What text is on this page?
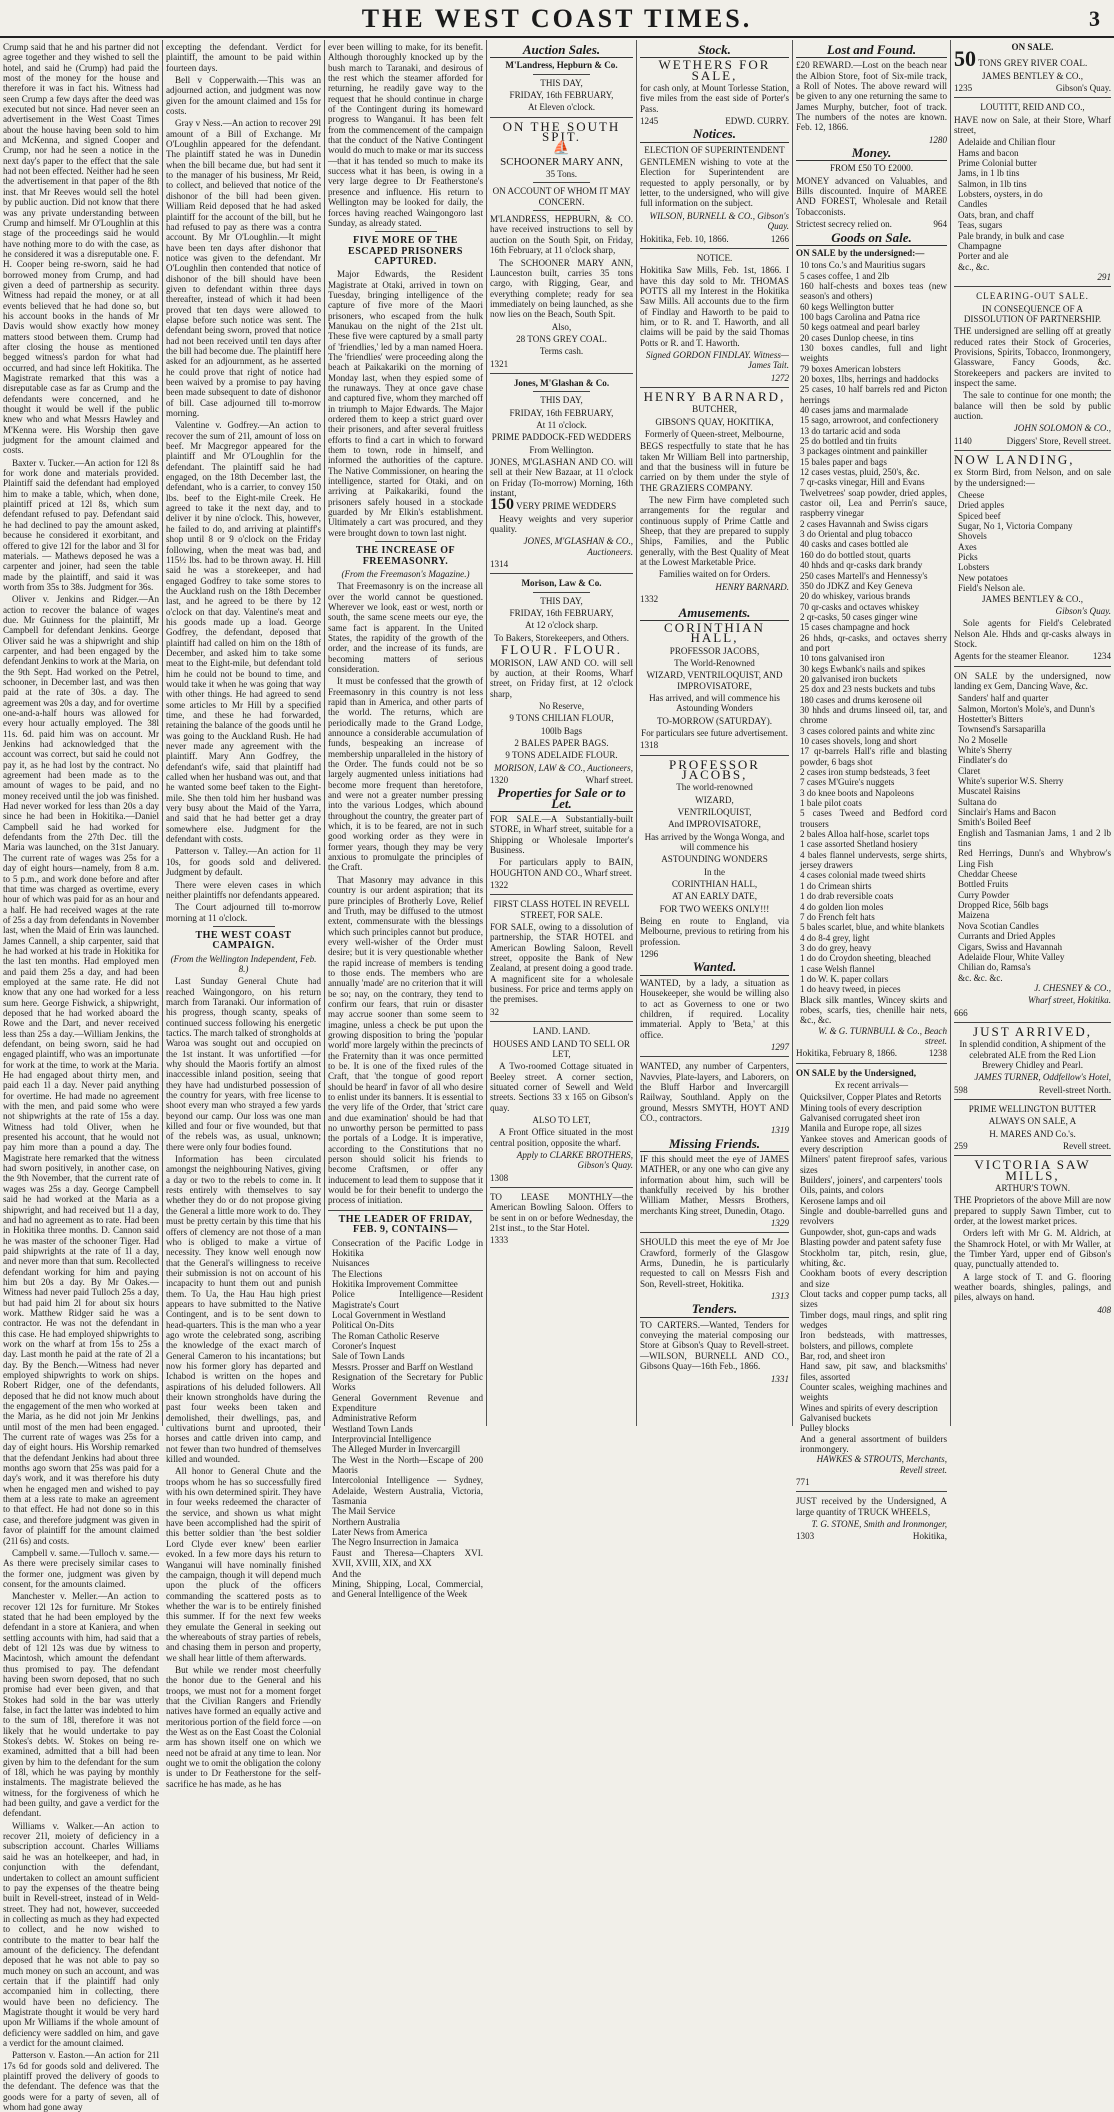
THE WEST COAST TIMES.	3

Crump said that he and his partner did not agree together and they wished to sell the hotel, and said he (Crump) had paid the most of the money for the house and therefore it was in fact his. Witness had seen Crump a few days after the deed was executed but not since. Had never seen an advertisement in the West Coast Times about the house having been sold to him and McKenna, and signed Cooper and Crump, nor had he seen a notice in the next day's paper to the effect that the sale had not been effected. Neither had he seen the advertisement in that paper of the 8th inst. that Mr Reeves would sell the hotel by public auction. Did not know that there was any private understanding between Crump and himself. Mr O'Loughlin at this stage of the proceedings said he would have nothing more to do with the case, as he considered it was a disreputable one. F. H. Cooper being re-sworn, said he had borrowed money from Crump, and had given a deed of partnership as security. Witness had repaid the money, or at all events believed that he had done so, but his account books in the hands of Mr Davis would show exactly how money matters stood between them. Crump had after closing the house as mentioned begged witness's pardon for what had occurred, and had since left Hokitika. The Magistrate remarked that this was a disreputable case as far as Crump and the defendants were concerned, and he thought it would be well if the public knew who and what Messrs Hawley and M'Kenna were. His Worship then gave judgment for the amount claimed and costs.

Baxter v. Tucker.—An action for 12l 8s for work done and materials provided. Plaintiff said the defendant had employed him to make a table, which, when done, plaintiff priced at 12l 8s, which sum defendant refused to pay. Defendant said he had declined to pay the amount asked, because he considered it exorbitant, and offered to give 12l for the labor and 3l for materials. — Mathews deposed he was a carpenter and joiner, had seen the table made by the plaintiff, and said it was worth from 35s to 38s. Judgment for 36s.

Oliver v. Jenkins and Ridger.—An action to recover the balance of wages due. Mr Guinness for the plaintiff, Mr Campbell for defendant Jenkins. George Oliver said he was a shipwright and ship carpenter, and had been engaged by the defendant Jenkins to work at the Maria, on the 9th Sept. Had worked on the Petrel, schooner, in December last, and was then paid at the rate of 30s. a day. The agreement was 20s a day, and for overtime one-and-a-half hours was allowed for every hour actually employed. The 38l 11s. 6d. paid him was on account. Mr Jenkins had acknowledged that the account was correct, but said he could not pay it, as he had lost by the contract. No agreement had been made as to the amount of wages to be paid, and no money received until the job was finished. Had never worked for less than 20s a day since he had been in Hokitika.—Daniel Campbell said he had worked for defendants from the 27th Dec. till the Maria was launched, on the 31st January. The current rate of wages was 25s for a day of eight hours—namely, from 8 a.m. to 5 p.m., and work done before and after that time was charged as overtime, every hour of which was paid for as an hour and a half. He had received wages at the rate of 25s a day from defendants in November last, when the Maid of Erin was launched. James Cannell, a ship carpenter, said that he had worked at his trade in Hokitika for the last ten months. Had employed men and paid them 25s a day, and had been employed at the same rate. He did not know that any one had worked for a less sum here. George Fishwick, a shipwright, deposed that he had worked aboard the Rowe and the Dart, and never received less than 25s a day.—William Jenkins, the defendant, on being sworn, said he had engaged plaintiff, who was an importunate for work at the time, to work at the Maria. He had engaged about thirty men, and paid each 1l a day. Never paid anything for overtime. He had made no agreement with the men, and paid some who were not shipwrights at the rate of 15s a day. Witness had told Oliver, when he presented his account, that he would not pay him more than a pound a day. The Magistrate here remarked that the witness had sworn positively, in another case, on the 9th November, that the current rate of wages was 25s a day. George Campbell said he had worked at the Maria as a shipwright, and had received but 1l a day, and had no agreement as to rate. Had been in Hokitika three months. D. Cannon said he was master of the schooner Tiger. Had paid shipwrights at the rate of 1l a day, and never more than that sum. Recollected defendant working for him and paying him but 20s a day. By Mr Oakes.—Witness had never paid Tulloch 25s a day, but had paid him 2l for about six hours work. Matthew Ridger said he was a contractor. He was not the defendant in this case. He had employed shipwrights to work on the wharf at from 15s to 25s a day. Last month he paid at the rate of 2l a day. By the Bench.—Witness had never employed shipwrights to work on ships. Robert Ridger, one of the defendants, deposed that he did not know much about the engagement of the men who worked at the Maria, as he did not join Mr Jenkins until most of the men had been engaged. The current rate of wages was 25s for a day of eight hours. His Worship remarked that the defendant Jenkins had about three months ago sworn that 25s was paid for a day's work, and it was therefore his duty when he engaged men and wished to pay them at a less rate to make an agreement to that effect. He had not done so in this case, and therefore judgment was given in favor of plaintiff for the amount claimed (21l 6s) and costs.

Campbell v. same.—Tulloch v. same.—As there were precisely similar cases to the former one, judgment was given by consent, for the amounts claimed.

Manchester v. Meller.—An action to recover 12l 12s for furniture. Mr Stokes stated that he had been employed by the defendant in a store at Kaniera, and when settling accounts with him, had said that a debt of 12l 12s was due by witness to Macintosh, which amount the defendant thus promised to pay. The defendant having been sworn deposed, that no such promise had ever been given, and that Stokes had sold in the bar was utterly false, in fact the latter was indebted to him to the sum of 18l, therefore it was not likely that he would undertake to pay Stokes's debts. W. Stokes on being re-examined, admitted that a bill had been given by him to the defendant for the sum of 18l, which he was paying by monthly instalments. The magistrate believed the witness, for the forgiveness of which he had been guilty, and gave a verdict for the defendant.

Williams v. Walker.—An action to recover 21l, moiety of deficiency in a subscription account. Charles Williams said he was an hotelkeeper, and had, in conjunction with the defendant, undertaken to collect an amount sufficient to pay the expenses of the theatre being built in Revell-street, instead of in Weld-street. They had not, however, succeeded in collecting as much as they had expected to collect, and he now wished to contribute to the matter to bear half the amount of the deficiency. The defendant deposed that he was not able to pay so much money on such an account, and was certain that if the plaintiff had only accompanied him in collecting, there would have been no deficiency. The Magistrate thought it would be very hard upon Mr Williams if the whole amount of deficiency were saddled on him, and gave a verdict for the amount claimed.

Patterson v. Easton.—An action for 21l 17s 6d for goods sold and delivered. The plaintiff proved the delivery of goods to the defendant. The defence was that the goods were for a party of seven, all of whom had gone away

excepting the defendant. Verdict for plaintiff, the amount to be paid within fourteen days.

Bell v Copperwaith.—This was an adjourned action, and judgment was now given for the amount claimed and 15s for costs.

Gray v Ness.—An action to recover 29l amount of a Bill of Exchange. Mr O'Loughlin appeared for the defendant. The plaintiff stated he was in Dunedin when the bill became due, but had sent it to the manager of his business, Mr Reid, to collect, and believed that notice of the dishonor of the bill had been given. William Reid deposed that he had asked plaintiff for the account of the bill, but he had refused to pay as there was a contra account. By Mr O'Loughlin.—It might have been ten days after dishonor that notice was given to the defendant. Mr O'Loughlin then contended that notice of dishonor of the bill should have been given to defendant within three days thereafter, instead of which it had been proved that ten days were allowed to elapse before such notice was sent. The defendant being sworn, proved that notice had not been received until ten days after the bill had become due. The plaintiff here asked for an adjournment, as he asserted he could prove that right of notice had been waived by a promise to pay having been made subsequent to date of dishonor of bill. Case adjourned till to-morrow morning.

Valentine v. Godfrey.—An action to recover the sum of 21l, amount of loss on beef. Mr Macgregor appeared for the plaintiff and Mr O'Loughlin for the defendant. The plaintiff said he had engaged, on the 18th December last, the defendant, who is a carrier, to convey 150 lbs. beef to the Eight-mile Creek. He agreed to take it the next day, and to deliver it by nine o'clock. This, however, he failed to do, and arriving at plaintiff's shop until 8 or 9 o'clock on the Friday following, when the meat was bad, and 115½ lbs. had to be thrown away. H. Hill said he was a storekeeper, and had engaged Godfrey to take some stores to the Auckland rush on the 18th December last, and he agreed to be there by 12 o'clock on that day. Valentine's meat and his goods made up a load. George Godfrey, the defendant, deposed that plaintiff had called on him on the 18th of December, and asked him to take some meat to the Eight-mile, but defendant told him he could not be bound to time, and would take it when he was going that way with other things. He had agreed to send some articles to Mr Hill by a specified time, and these he had forwarded, retaining the balance of the goods until he was going to the Auckland Rush. He had never made any agreement with the plaintiff. Mary Ann Godfrey, the defendant's wife, said that plaintiff had called when her husband was out, and that he wanted some beef taken to the Eight-mile. She then told him her husband was very busy about the Maid of the Yarra, and said that he had better get a dray somewhere else. Judgment for the defendant with costs.

Patterson v. Talley.—An action for 1l 10s, for goods sold and delivered. Judgment by default.

There were eleven cases in which neither plaintiffs nor defendants appeared.

The Court adjourned till to-morrow morning at 11 o'clock.

THE WEST COAST CAMPAIGN.

(From the Wellington Independent, Feb. 8.)

Last Sunday General Chute had reached Waingongoro, on his return march from Taranaki. Our information of his progress, though scanty, speaks of continued success following his energetic tactics. The march talked of strongholds at Waroa was sought out and occupied on the 1st instant. It was unfortified —for why should the Maoris fortify an almost inaccessible inland position, seeing that they have had undisturbed possession of the country for years, with free license to shoot every man who strayed a few yards beyond our camp. Our loss was one man killed and four or five wounded, but that of the rebels was, as usual, unknown; there were only four bodies found.

Information has been circulated amongst the neighbouring Natives, giving a day or two to the rebels to come in. It rests entirely with themselves to say whether they do or do not propose giving the General a little more work to do. They must be pretty certain by this time that his offers of clemency are not those of a man who is obliged to make a virtue of necessity. They know well enough now that the General's willingness to receive their submission is not on account of his incapacity to hunt them out and punish them. To Ua, the Hau Hau high priest appears to have submitted to the Native Contingent, and is to be sent down to head-quarters. This is the man who a year ago wrote the celebrated song, ascribing the knowledge of the exact march of General Cameron to his incantations; but now his former glory has departed and Ichabod is written on the hopes and aspirations of his deluded followers. All their known strongholds have during the past four weeks been taken and demolished, their dwellings, pas, and cultivations burnt and uprooted, their horses and cattle driven into camp, and not fewer than two hundred of themselves killed and wounded.

All honor to General Chute and the troops whom he has so successfully fired with his own determined spirit. They have in four weeks redeemed the character of the service, and shown us what might have been accomplished had the spirit of this better soldier than 'the best soldier Lord Clyde ever knew' been earlier evoked. In a few more days his return to Wanganui will have nominally finished the campaign, though it will depend much upon the pluck of the officers commanding the scattered posts as to whether the war is to be entirely finished this summer. If for the next few weeks they emulate the General in seeking out the whereabouts of stray parties of rebels, and chasing them in person and property, we shall hear little of them afterwards.

But while we render most cheerfully the honor due to the General and his troops, we must not for a moment forget that the Civilian Rangers and Friendly natives have formed an equally active and meritorious portion of the field force —on the West as on the East Coast the Colonial arm has shown itself one on which we need not be afraid at any time to lean. Nor ought we to omit the obligation the colony is under to Dr Featherstone for the self-sacrifice he has made, as he has

ever been willing to make, for its benefit. Although thoroughly knocked up by the bush march to Taranaki, and desirous of the rest which the steamer afforded for returning, he readily gave way to the request that he should continue in charge of the Contingent during its homeward progress to Wanganui. It has been felt from the commencement of the campaign that the conduct of the Native Contingent would do much to make or mar its success—that it has tended so much to make its success what it has been, is owing in a very large degree to Dr Featherstone's presence and influence. His return to Wellington may be looked for daily, the forces having reached Waingongoro last Sunday, as already stated.

FIVE MORE OF THE ESCAPED PRISONERS CAPTURED.

Major Edwards, the Resident Magistrate at Otaki, arrived in town on Tuesday, bringing intelligence of the capture of five more of the Maori prisoners, who escaped from the hulk Manukau on the night of the 21st ult. These five were captured by a small party of 'friendlies,' led by a man named Hoera. The 'friendlies' were proceeding along the beach at Paikakariki on the morning of Monday last, when they espied some of the runaways. They at once gave chase and captured five, whom they marched off in triumph to Major Edwards. The Major ordered them to keep a strict guard over their prisoners, and after several fruitless efforts to find a cart in which to forward them to town, rode in himself, and informed the authorities of the capture. The Native Commissioner, on hearing the intelligence, started for Otaki, and on arriving at Paikakariki, found the prisoners safely housed in a stockade guarded by Mr Elkin's establishment. Ultimately a cart was procured, and they were brought down to town last night.

THE INCREASE OF FREEMASONRY.

(From the Freemason's Magazine.)

That Freemasonry is on the increase all over the world cannot be questioned. Wherever we look, east or west, north or south, the same scene meets our eye, the same fact is apparent. In the United States, the rapidity of the growth of the order, and the increase of its funds, are becoming matters of serious consideration.

It must be confessed that the growth of Freemasonry in this country is not less rapid than in America, and other parts of the world. The returns, which are periodically made to the Grand Lodge, announce a considerable accumulation of funds, bespeaking an increase of membership unparalleled in the history of the Order. The funds could not be so largely augmented unless initiations had become more frequent than heretofore, and were not a greater number pressing into the various Lodges, which abound throughout the country, the greater part of which, it is to be feared, are not in such good working order as they were in former years, though they may be very anxious to promulgate the principles of the Craft.

That Masonry may advance in this country is our ardent aspiration; that its pure principles of Brotherly Love, Relief and Truth, may be diffused to the utmost extent, commensurate with the blessings which such principles cannot but produce, every well-wisher of the Order must desire; but it is very questionable whether the rapid increase of members is tending to those ends. The members who are annually 'made' are no criterion that it will be so; nay, on the contrary, they tend to confirm our fears, that ruin or disaster may accrue sooner than some seem to imagine, unless a check be put upon the growing disposition to bring the 'popular world' more largely within the precincts of the Fraternity than it was once permitted to be. It is one of the fixed rules of the Craft, that 'the tongue of good report should be heard' in favor of all who desire to enlist under its banners. It is essential to the very life of the Order, that 'strict care and due examination' should be had that no unworthy person be permitted to pass the portals of a Lodge. It is imperative, according to the Constitutions that no person should solicit his friends to become Craftsmen, or offer any inducement to lead them to suppose that it would be for their benefit to undergo the process of initiation.

THE LEADER OF FRIDAY, FEB. 9, CONTAINS—
Consecration of the Pacific Lodge in Hokitika
Nuisances
The Elections
Hokitika Improvement Committee
Police Intelligence—Resident Magistrate's Court
Local Government in Westland
Political On-Dits
The Roman Catholic Reserve
Coroner's Inquest
Sale of Town Lands
Messrs. Prosser and Barff on Westland
Resignation of the Secretary for Public Works
General Government Revenue and Expenditure
Administrative Reform
Westland Town Lands
Interprovincial Intelligence
The Alleged Murder in Invercargill
The West in the North—Escape of 200 Maoris
Intercolonial Intelligence — Sydney, Adelaide, Western Australia, Victoria, Tasmania
The Mail Service
Northern Australia
Later News from America
The Negro Insurrection in Jamaica
Faust and Theresa—Chapters XVI. XVII, XVIII, XIX, and XX
And the
Mining, Shipping, Local, Commercial, and General Intelligence of the Week
Auction Sales.

M'Landress, Hepburn & Co.

THIS DAY,

FRIDAY, 16th FEBRUARY,

At Eleven o'clock.

ON THE SOUTH SPIT.

⛵

SCHOONER MARY ANN,

35 Tons.

ON ACCOUNT OF WHOM IT MAY CONCERN.

M'LANDRESS, HEPBURN, & CO. have received instructions to sell by auction on the South Spit, on Friday, 16th February, at 11 o'clock sharp,

The SCHOONER MARY ANN, Launceston built, carries 35 tons cargo, with Rigging, Gear, and everything complete; ready for sea immediately on being launched, as she now lies on the Beach, South Spit.

Also,

28 TONS GREY COAL.

Terms cash.

1321

Jones, M'Glashan & Co.

THIS DAY,

FRIDAY, 16th FEBRUARY,

At 11 o'clock.

PRIME PADDOCK-FED WEDDERS

From Wellington.

JONES, M'GLASHAN AND CO. will sell at their New Bazaar, at 11 o'clock on Friday (To-morrow) Morning, 16th instant,

150 VERY PRIME WEDDERS

Heavy weights and very superior quality.

JONES, M'GLASHAN & CO., Auctioneers.

1314

Morison, Law & Co.

THIS DAY,

FRIDAY, 16th FEBRUARY,

At 12 o'clock sharp.

To Bakers, Storekeepers, and Others.

FLOUR. FLOUR.

MORISON, LAW AND CO. will sell by auction, at their Rooms, Wharf street, on Friday first, at 12 o'clock sharp,

No Reserve,

9 TONS CHILIAN FLOUR,

100lb Bags

2 BALES PAPER BAGS.

9 TONS ADELAIDE FLOUR.

MORISON, LAW & CO., Auctioneers,

1320	Wharf street.

Properties for Sale or to Let.

FOR SALE.—A Substantially-built STORE, in Wharf street, suitable for a Shipping or Wholesale Importer's Business.

For particulars apply to BAIN, HOUGHTON AND CO., Wharf street.

1322

FIRST CLASS HOTEL IN REVELL STREET, FOR SALE.

FOR SALE, owing to a dissolution of partnership, the STAR HOTEL and American Bowling Saloon, Revell street, opposite the Bank of New Zealand, at present doing a good trade. A magnificent site for a wholesale business. For price and terms apply on the premises.

32

LAND. LAND.

HOUSES AND LAND TO SELL OR LET,

A Two-roomed Cottage situated in Beeley street. A corner section, situated corner of Sewell and Weld streets. Sections 33 x 165 on Gibson's quay.

ALSO TO LET,

A Front Office situated in the most central position, opposite the wharf.

Apply to CLARKE BROTHERS, Gibson's Quay.

1308

TO LEASE MONTHLY—the American Bowling Saloon. Offers to be sent in on or before Wednesday, the 21st inst., to the Star Hotel.

1333

Stock.

WETHERS FOR SALE,

for cash only, at Mount Torlesse Station, five miles from the east side of Porter's Pass.

1245	EDWD. CURRY.

Notices.

ELECTION OF SUPERINTENDENT

GENTLEMEN wishing to vote at the Election for Superintendent are requested to apply personally, or by letter, to the undersigned, who will give full information on the subject.

WILSON, BURNELL & CO., Gibson's Quay.

Hokitika, Feb. 10, 1866.	1266

NOTICE.

Hokitika Saw Mills, Feb. 1st, 1866. I have this day sold to Mr. THOMAS POTTS all my Interest in the Hokitika Saw Mills. All accounts due to the firm of Findlay and Haworth to be paid to him, or to R. and T. Haworth, and all claims will be paid by the said Thomas Potts or R. and T. Haworth.

Signed GORDON FINDLAY. Witness—James Tait.

1272

HENRY BARNARD,

BUTCHER,

GIBSON'S QUAY, HOKITIKA,

Formerly of Queen-street, Melbourne,

BEGS respectfully to state that he has taken Mr William Bell into partnership, and that the business will in future be carried on by them under the style of THE GRAZIERS COMPANY.

The new Firm have completed such arrangements for the regular and continuous supply of Prime Cattle and Sheep, that they are prepared to supply Ships, Families, and the Public generally, with the Best Quality of Meat at the Lowest Marketable Price.

Families waited on for Orders.

HENRY BARNARD.

1332

Amusements.

CORINTHIAN HALL,

PROFESSOR JACOBS,

The World-Renowned

WIZARD, VENTRILOQUIST, AND IMPROVISATORE,

Has arrived, and will commence his Astounding Wonders

TO-MORROW (SATURDAY).

For particulars see future advertisement.

1318

PROFESSOR JACOBS,

The world-renowned

WIZARD,

VENTRILOQUIST,

And IMPROVISATORE,

Has arrived by the Wonga Wonga, and will commence his

ASTOUNDING WONDERS

In the

CORINTHIAN HALL,

AT AN EARLY DATE,

FOR TWO WEEKS ONLY!!!

Being en route to England, via Melbourne, previous to retiring from his profession.

1296

Wanted.

WANTED, by a lady, a situation as Housekeeper, she would be willing also to act as Governess to one or two children, if required. Locality immaterial. Apply to 'Beta,' at this office.

1297

WANTED, any number of Carpenters, Navvies, Plate-layers, and Laborers, on the Bluff Harbor and Invercargill Railway, Southland. Apply on the ground, Messrs SMYTH, HOYT AND CO., contractors.

1319

Missing Friends.

IF this should meet the eye of JAMES MATHER, or any one who can give any information about him, such will be thankfully received by his brother William Mather, Messrs Brothers, merchants King street, Dunedin, Otago.

1329

SHOULD this meet the eye of Mr Joe Crawford, formerly of the Glasgow Arms, Dunedin, he is particularly requested to call on Messrs Fish and Son, Revell-street, Hokitika.

1313

Tenders.

TO CARTERS.—Wanted, Tenders for conveying the material composing our Store at Gibson's Quay to Revell-street.—WILSON, BURNELL AND CO., Gibsons Quay—16th Feb., 1866.

1331

Lost and Found.

£20 REWARD.—Lost on the beach near the Albion Store, foot of Six-mile track, a Roll of Notes. The above reward will be given to any one returning the same to James Murphy, butcher, foot of track. The numbers of the notes are known. Feb. 12, 1866.

1280

Money.

FROM £50 TO £2000.

MONEY advanced on Valuables, and Bills discounted. Inquire of MAREE AND FOREST, Wholesale and Retail Tobacconists.

Strictest secrecy relied on.	964

Goods on Sale.

ON SALE by the undersigned:—

10 tons Co.'s and Mauritius sugars
5 cases coffee, 1 and 2lb
160 half-chests and boxes teas (new season's and others)
60 kegs Wellington butter
100 bags Carolina and Patna rice
50 kegs oatmeal and pearl barley
20 cases Dunlop cheese, in tins
130 boxes candles, full and light weights
79 boxes American lobsters
20 boxes, 1lbs, herrings and haddocks
25 cases, 10 half barrels red and Picton herrings
40 cases jams and marmalade
15 sago, arrowroot, and confectionery
13 do tartaric acid and soda
25 do bottled and tin fruits
3 packages ointment and painkiller
15 bales paper and bags
12 cases vestas, pluid, 250's, &c.
7 qr-casks vinegar, Hill and Evans
Twelvetrees' soap powder, dried apples, castor oil, Lea and Perrin's sauce, raspberry vinegar
2 cases Havannah and Swiss cigars
3 do Oriental and plug tobacco
40 casks and cases bottled ale
160 do do bottled stout, quarts
40 hhds and qr-casks dark brandy
250 cases Martell's and Hennessy's
350 do JDKZ and Key Geneva
20 do whiskey, various brands
70 qr-casks and octaves whiskey
2 qr-casks, 50 cases ginger wine
15 cases champagne and hock
26 hhds, qr-casks, and octaves sherry and port
10 tons galvanised iron
30 kegs Ewbank's nails and spikes
20 galvanised iron buckets
25 dox and 23 nests buckets and tubs
180 cases and drums kerosene oil
30 hhds and drums linseed oil, tar, and chrome
3 cases colored paints and white zinc
10 cases shovels, long and short
17 qr-barrels Hall's rifle and blasting powder, 6 bags shot
2 cases iron stump bedsteads, 3 feet
7 cases M'Guire's nuggets
3 do knee boots and Napoleons
1 bale pilot coats
5 cases Tweed and Bedford cord trousers
2 bales Alloa half-hose, scarlet tops
1 case assorted Shetland hosiery
4 bales flannel undervests, serge shirts, jersey drawers
4 cases colonial made tweed shirts
1 do Crimean shirts
1 do drab reversible coats
4 do golden lion moles
7 do French felt hats
5 bales scarlet, blue, and white blankets
4 do 8-4 grey, light
3 do do grey, heavy
1 do do Croydon sheeting, bleached
1 case Welsh flannel
1 do W. K. paper collars
1 do heavy tweed, in pieces
Black silk mantles, Wincey skirts and robes, scarfs, ties, chenille hair nets, &c., &c.

W. & G. TURNBULL & Co., Beach street.

Hokitika, February 8, 1866.	1238

ON SALE by the Undersigned,

Ex recent arrivals—

Quicksilver, Copper Plates and Retorts
Mining tools of every description
Galvanised corrugated sheet iron
Manila and Europe rope, all sizes
Yankee stoves and American goods of every description
Milners' patent fireproof safes, various sizes
Builders', joiners', and carpenters' tools
Oils, paints, and colors
Kerosene lamps and oil
Single and double-barrelled guns and revolvers
Gunpowder, shot, gun-caps and wads
Blasting powder and patent safety fuse
Stockholm tar, pitch, resin, glue, whiting, &c.
Cookham boots of every description and size
Clout tacks and copper pump tacks, all sizes
Timber dogs, maul rings, and split ring wedges
Iron bedsteads, with mattresses, bolsters, and pillows, complete
Bar, rod, and sheet iron
Hand saw, pit saw, and blacksmiths' files, assorted
Counter scales, weighing machines and weights
Wines and spirits of every description
Galvanised buckets
Pulley blocks
And a general assortment of builders ironmongery.

HAWKES & STROUTS, Merchants, Revell street.

771

JUST received by the Undersigned, A large quantity of TRUCK WHEELS,

T. G. STONE, Smith and Ironmonger,

1303	Hokitika,

ON SALE.

50 TONS GREY RIVER COAL.

JAMES BENTLEY & CO.,

1235	Gibson's Quay.

LOUTITT, REID AND CO.,

HAVE now on Sale, at their Store, Wharf street,

Adelaide and Chilian flour
Hams and bacon
Prime Colonial butter
Jams, in 1 lb tins
Salmon, in 1lb tins
Lobsters, oysters, in do
Candles
Oats, bran, and chaff
Teas, sugars
Pale brandy, in bulk and case
Champagne
Porter and ale
&c., &c.

291

CLEARING-OUT SALE.

IN CONSEQUENCE OF A DISSOLUTION OF PARTNERSHIP.

THE undersigned are selling off at greatly reduced rates their Stock of Groceries, Provisions, Spirits, Tobacco, Ironmongery, Glassware, Fancy Goods, &c. Storekeepers and packers are invited to inspect the same.

The sale to continue for one month; the balance will then be sold by public auction.

JOHN SOLOMON & CO.,

1140	Diggers' Store, Revell street.

NOW LANDING,

ex Storm Bird, from Nelson, and on sale by the undersigned:—

Cheese
Dried apples
Spiced beef
Sugar, No 1, Victoria Company
Shovels
Axes
Picks
Lobsters
New potatoes
Field's Nelson ale.

JAMES BENTLEY & CO.,

Gibson's Quay.

Sole agents for Field's Celebrated Nelson Ale. Hhds and qr-casks always in Stock.

Agents for the steamer Eleanor.	1234

ON SALE by the undersigned, now landing ex Gem, Dancing Wave, &c.

Sanders' half and quarter
Salmon, Morton's Mole's, and Dunn's
Hostetter's Bitters
Townsend's Sarsaparilla
No 2 Moselle
White's Sherry
Findlater's do
Claret
White's superior W.S. Sherry
Muscatel Raisins
Sultana do
Sinclair's Hams and Bacon
Smith's Boiled Beef
English and Tasmanian Jams, 1 and 2 lb tins
Red Herrings, Dunn's and Whybrow's Ling Fish
Cheddar Cheese
Bottled Fruits
Curry Powder
Dropped Rice, 56lb bags
Maizena
Nova Scotian Candles
Currants and Dried Apples
Cigars, Swiss and Havannah
Adelaide Flour, White Valley
Chilian do, Ramsa's
&c. &c. &c.

J. CHESNEY & CO.,

Wharf street, Hokitika.

666

JUST ARRIVED,

In splendid condition, A shipment of the celebrated ALE from the Red Lion Brewery Chidley and Pearl.

JAMES TURNER, Oddfellow's Hotel,

598	Revell-street North.

PRIME WELLINGTON BUTTER

ALWAYS ON SALE, A

H. MARES AND Co.'s.

259	Revell street.

VICTORIA SAW MILLS,

ARTHUR'S TOWN.

THE Proprietors of the above Mill are now prepared to supply Sawn Timber, cut to order, at the lowest market prices.

Orders left with Mr G. M. Aldrich, at the Shamrock Hotel, or with Mr Waller, at the Timber Yard, upper end of Gibson's quay, punctually attended to.

A large stock of T. and G. flooring weather boards, shingles, palings, and piles, always on hand.

408
